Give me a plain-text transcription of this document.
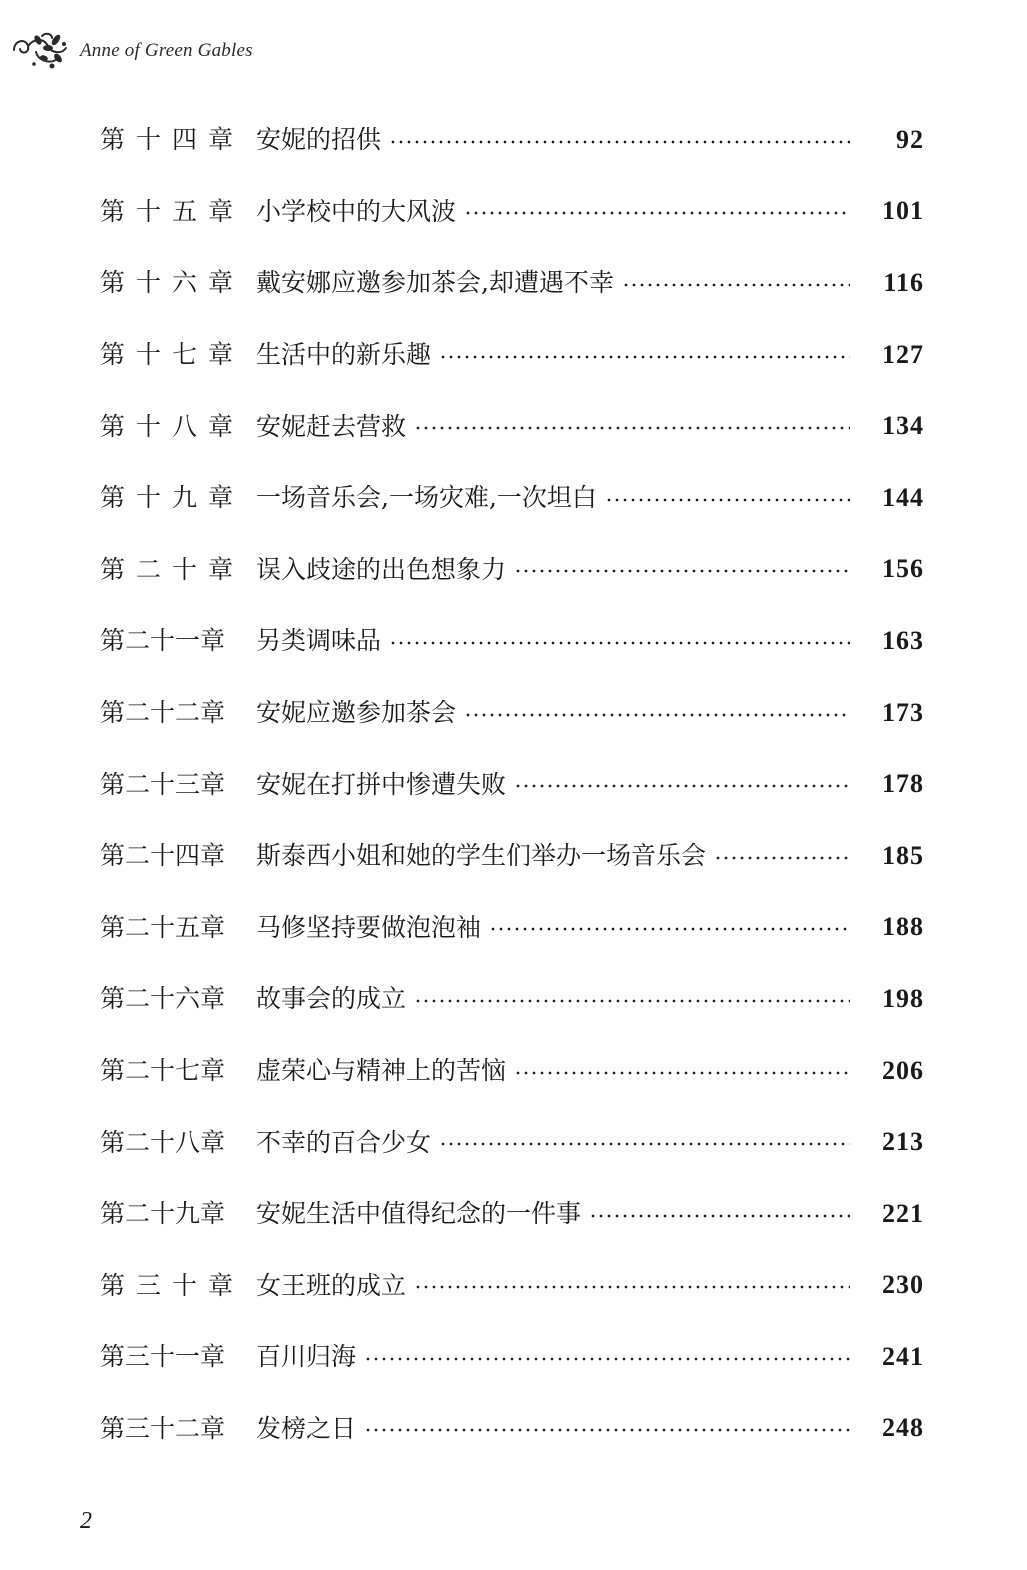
Anne of Green Gables
第十四章 安妮的招供	92
第十五章 小学校中的大风波	101
第十六章 戴安娜应邀参加茶会,却遭遇不幸	116
第十七章 生活中的新乐趣	127
第十八章 安妮赶去营救	134
第十九章 一场音乐会,一场灾难,一次坦白	144
第二十章 误入歧途的出色想象力	156
第二十一章	另类调味品	163
第二十二章	安妮应邀参加茶会	173
第二十三章	安妮在打拼中惨遭失败	178
第二十四章	斯泰西小姐和她的学生们举办一场音乐会	185
第二十五章	马修坚持要做泡泡袖	188
第二十六章	故事会的成立	198
第二十七章	虚荣心与精神上的苦恼	206
第二十八章	不幸的百合少女	213
第二十九章	安妮生活中值得纪念的一件事	221
第三十章 女王班的成立	230
第三十一章	百川归海	241
第三十二章	发榜之日	248
2
